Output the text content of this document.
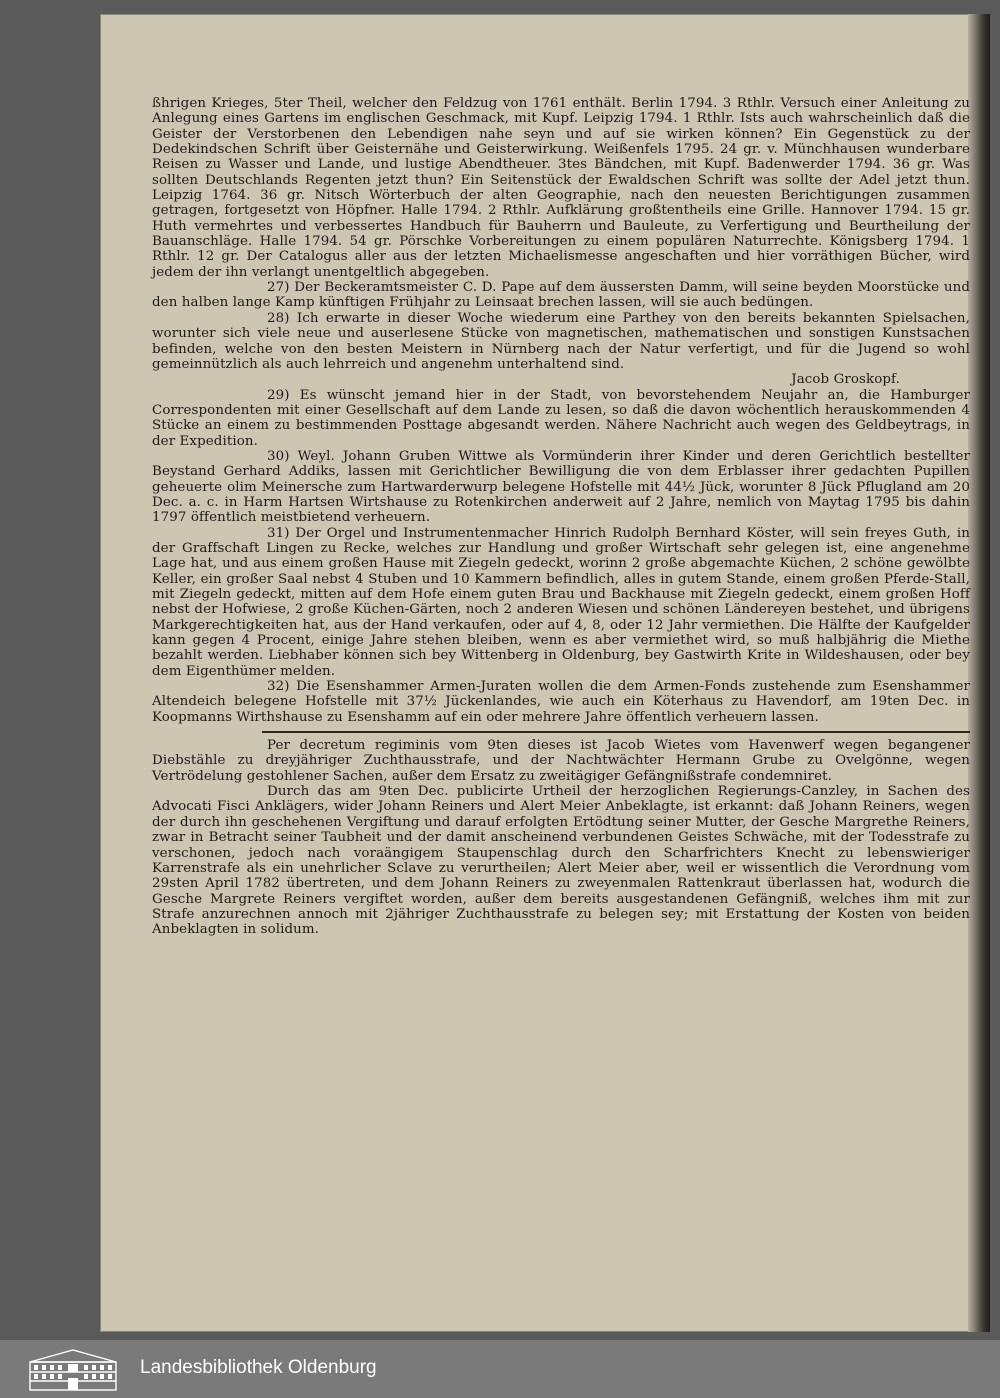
ßhrigen Krieges, 5ter Theil, welcher den Feldzug von 1761 enthält. Berlin 1794. 3 Rthlr. Versuch einer Anleitung zu Anlegung eines Gartens im englischen Geschmack, mit Kupf. Leipzig 1794. 1 Rthlr. Ists auch wahrscheinlich daß die Geister der Verstorbenen den Lebendigen nahe seyn und auf sie wirken können? Ein Gegenstück zu der Dedekindschen Schrift über Geisternähe und Geisterwirkung. Weißenfels 1795. 24 gr. v. Münchhausen wunderbare Reisen zu Wasser und Lande, und lustige Abendtheuer. 3tes Bändchen, mit Kupf. Badenwerder 1794. 36 gr. Was sollten Deutschlands Regenten jetzt thun? Ein Seitenstück der Ewaldschen Schrift was sollte der Adel jetzt thun. Leipzig 1764. 36 gr. Nitsch Wörterbuch der alten Geographie, nach den neuesten Berichtigungen zusammen getragen, fortgesetzt von Höpfner. Halle 1794. 2 Rthlr. Aufklärung großtentheils eine Grille. Hannover 1794. 15 gr. Huth vermehrtes und verbessertes Handbuch für Bauherrn und Bauleute, zu Verfertigung und Beurtheilung der Bauanschläge. Halle 1794. 54 gr. Pörschke Vorbereitungen zu einem populären Naturrechte. Königsberg 1794. 1 Rthlr. 12 gr. Der Catalogus aller aus der letzten Michaelismesse angeschaften und hier vorräthigen Bücher, wird jedem der ihn verlangt unentgeltlich abgegeben.

27) Der Beckeramtsmeister C. D. Pape auf dem äussersten Damm, will seine beyden Moorstücke und den halben lange Kamp künftigen Frühjahr zu Leinsaat brechen lassen, will sie auch bedüngen.

28) Ich erwarte in dieser Woche wiederum eine Parthey von den bereits bekannten Spielsachen, worunter sich viele neue und auserlesene Stücke von magnetischen, mathematischen und sonstigen Kunstsachen befinden, welche von den besten Meistern in Nürnberg nach der Natur verfertigt, und für die Jugend so wohl gemeinnützlich als auch lehrreich und angenehm unterhaltend sind.

Jacob Groskopf.

29) Es wünscht jemand hier in der Stadt, von bevorstehendem Neujahr an, die Hamburger Correspondenten mit einer Gesellschaft auf dem Lande zu lesen, so daß die davon wöchentlich herauskommenden 4 Stücke an einem zu bestimmenden Posttage abgesandt werden. Nähere Nachricht auch wegen des Geldbeytrags, in der Expedition.

30) Weyl. Johann Gruben Wittwe als Vormünderin ihrer Kinder und deren Gerichtlich bestellter Beystand Gerhard Addiks, lassen mit Gerichtlicher Bewilligung die von dem Erblasser ihrer gedachten Pupillen geheuerte olim Meinersche zum Hartwarderwurp belegene Hofstelle mit 44½ Jück, worunter 8 Jück Pflugland am 20 Dec. a. c. in Harm Hartsen Wirtshause zu Rotenkirchen anderweit auf 2 Jahre, nemlich von Maytag 1795 bis dahin 1797 öffentlich meistbietend verheuern.

31) Der Orgel und Instrumentenmacher Hinrich Rudolph Bernhard Köster, will sein freyes Guth, in der Graffschaft Lingen zu Recke, welches zur Handlung und großer Wirtschaft sehr gelegen ist, eine angenehme Lage hat, und aus einem großen Hause mit Ziegeln gedeckt, worinn 2 große abgemachte Küchen, 2 schöne gewölbte Keller, ein großer Saal nebst 4 Stuben und 10 Kammern befindlich, alles in gutem Stande, einem großen Pferde-Stall, mit Ziegeln gedeckt, mitten auf dem Hofe einem guten Brau und Backhause mit Ziegeln gedeckt, einem großen Hoff nebst der Hofwiese, 2 große Küchen-Gärten, noch 2 anderen Wiesen und schönen Ländereyen bestehet, und übrigens Markgerechtigkeiten hat, aus der Hand verkaufen, oder auf 4, 8, oder 12 Jahr vermiethen. Die Hälfte der Kaufgelder kann gegen 4 Procent, einige Jahre stehen bleiben, wenn es aber vermiethet wird, so muß halbjährig die Miethe bezahlt werden. Liebhaber können sich bey Wittenberg in Oldenburg, bey Gastwirth Krite in Wildeshausen, oder bey dem Eigenthümer melden.

32) Die Esenshammer Armen-Juraten wollen die dem Armen-Fonds zustehende zum Esenshammer Altendeich belegene Hofstelle mit 37½ Jückenlandes, wie auch ein Köterhaus zu Havendorf, am 19ten Dec. in Koopmanns Wirthshause zu Esenshamm auf ein oder mehrere Jahre öffentlich verheuern lassen.

Per decretum regiminis vom 9ten dieses ist Jacob Wietes vom Havenwerf wegen begangener Diebstähle zu dreyjähriger Zuchthausstrafe, und der Nachtwächter Hermann Grube zu Ovelgönne, wegen Vertrödelung gestohlener Sachen, außer dem Ersatz zu zweitägiger Gefängnißstrafe condemniret.

Durch das am 9ten Dec. publicirte Urtheil der herzoglichen Regierungs-Canzley, in Sachen des Advocati Fisci Anklägers, wider Johann Reiners und Alert Meier Anbeklagte, ist erkannt: daß Johann Reiners, wegen der durch ihn geschehenen Vergiftung und darauf erfolgten Ertödtung seiner Mutter, der Gesche Margrethe Reiners, zwar in Betracht seiner Taubheit und der damit anscheinend verbundenen Geistes Schwäche, mit der Todesstrafe zu verschonen, jedoch nach voraängigem Staupenschlag durch den Scharfrichters Knecht zu lebenswieriger Karrenstrafe als ein unehrlicher Sclave zu verurtheilen; Alert Meier aber, weil er wissentlich die Verordnung vom 29sten April 1782 übertreten, und dem Johann Reiners zu zweyenmalen Rattenkraut überlassen hat, wodurch die Gesche Margrete Reiners vergiftet worden, außer dem bereits ausgestandenen Gefängniß, welches ihm mit zur Strafe anzurechnen annoch mit 2jähriger Zuchthausstrafe zu belegen sey; mit Erstattung der Kosten von beiden Anbeklagten in solidum.

Landesbibliothek Oldenburg
